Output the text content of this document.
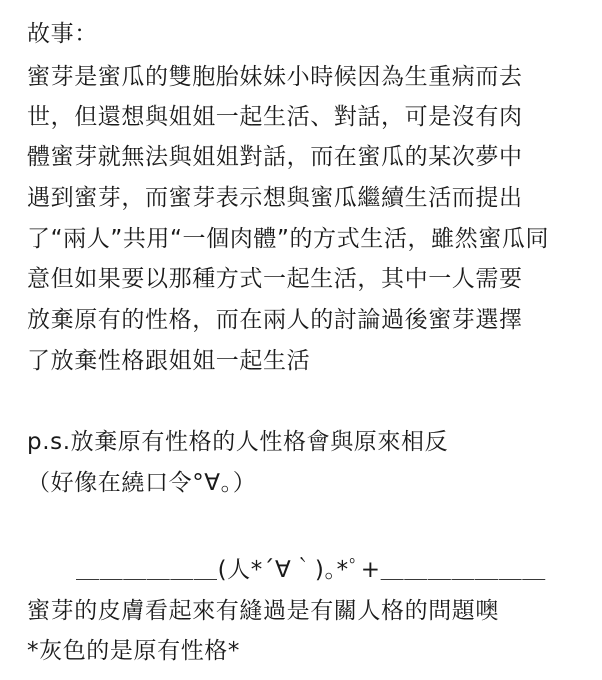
故事：
蜜芽是蜜瓜的雙胞胎妹妹小時候因為生重病而去
世，但還想與姐姐一起生活、對話，可是沒有肉
體蜜芽就無法與姐姐對話，而在蜜瓜的某次夢中
遇到蜜芽，而蜜芽表示想與蜜瓜繼續生活而提出
了“兩人”共用“一個肉體”的方式生活，雖然蜜瓜同
意但如果要以那種方式一起生活，其中一人需要
放棄原有的性格，而在兩人的討論過後蜜芽選擇
了放棄性格跟姐姐一起生活
p.s.放棄原有性格的人性格會與原來相反
（好像在繞口令°∀。）
＿＿＿＿＿＿(人*´∀｀)｡*ﾟ+＿＿＿＿＿＿＿
蜜芽的皮膚看起來有縫過是有關人格的問題噢
*灰色的是原有性格*
